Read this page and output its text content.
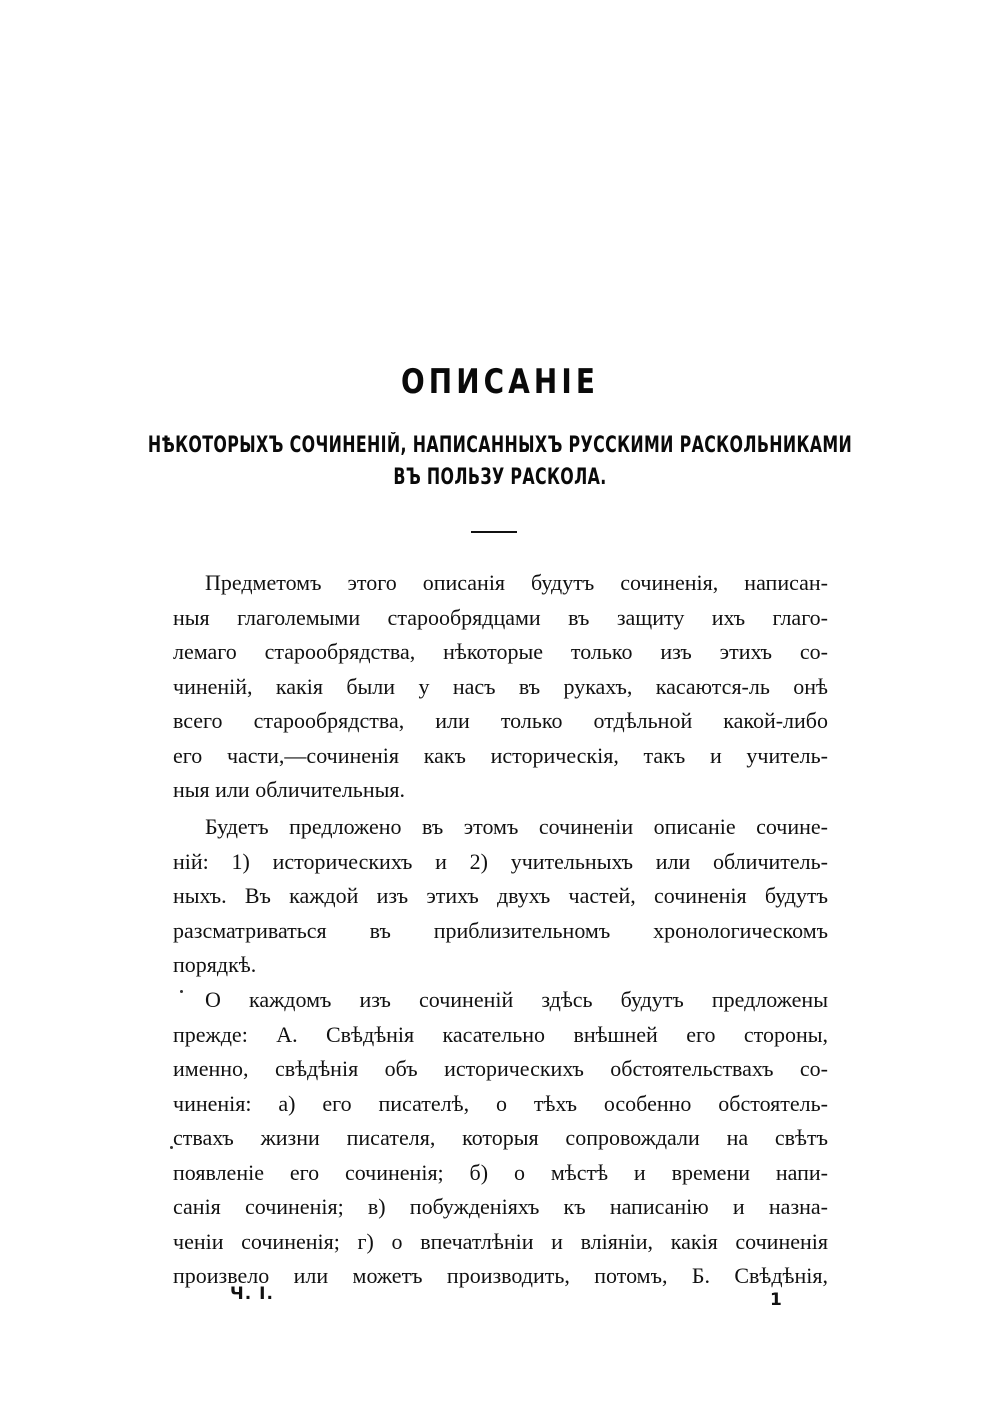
ОПИСАНІЕ
НѢКОТОРЫХЪ СОЧИНЕНІЙ, НАПИСАННЫХЪ РУССКИМИ РАСКОЛЬНИКАМИ
ВЪ ПОЛЬЗУ РАСКОЛА.
Предметомъ этого описанія будутъ сочиненія, написан-
ныя глаголемыми старообрядцами въ защиту ихъ глаго-
лемаго старообрядства, нѣкоторые только изъ этихъ со-
чиненій, какія были у насъ въ рукахъ, касаются-ль онѣ
всего старообрядства, или только отдѣльной какой-либо
его части,—сочиненія какъ историческія, такъ и учитель-
ныя или обличительныя.
Будетъ предложено въ этомъ сочиненіи описаніе сочине-
ній: 1) историческихъ и 2) учительныхъ или обличитель-
ныхъ. Въ каждой изъ этихъ двухъ частей, сочиненія будутъ
разсматриваться въ приблизительномъ хронологическомъ
порядкѣ.
О каждомъ изъ сочиненій здѣсь будутъ предложены
прежде: А. Свѣдѣнія касательно внѣшней его стороны,
именно, свѣдѣнія объ историческихъ обстоятельствахъ со-
чиненія: а) его писателѣ, о тѣхъ особенно обстоятель-
ствахъ жизни писателя, которыя сопровождали на свѣтъ
появленіе его сочиненія; б) о мѣстѣ и времени напи-
санія сочиненія; в) побужденіяхъ къ написанію и назна-
ченіи сочиненія; г) о впечатлѣніи и вліяніи, какія сочиненія
произвело или можетъ производить, потомъ, Б. Свѣдѣнія,
Ч. I.	1
